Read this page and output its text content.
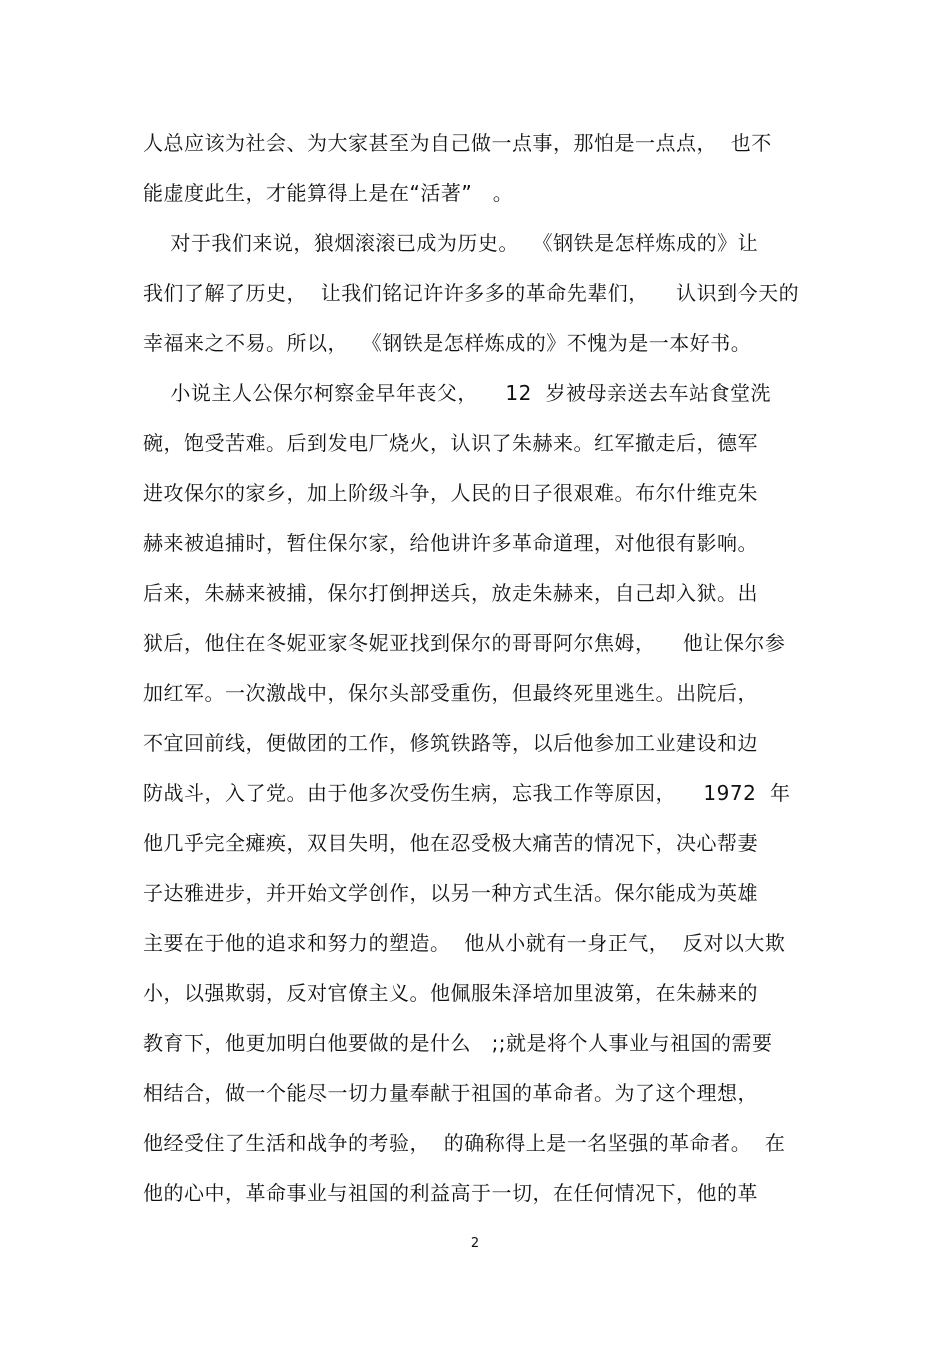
人总应该为社会、为大家甚至为自己做一点事，那怕是一点点，  也不
能虚度此生，才能算得上是在“活著”   。
对于我们来说，狼烟滚滚已成为历史。  《钢铁是怎样炼成的》让
我们了解了历史，  让我们铭记许许多多的革命先辈们，    认识到今天的
幸福来之不易。所以，  《钢铁是怎样炼成的》不愧为是一本好书。
小说主人公保尔柯察金早年丧父，    12  岁被母亲送去车站食堂洗
碗，饱受苦难。后到发电厂烧火，认识了朱赫来。红军撤走后，德军
进攻保尔的家乡，加上阶级斗争，人民的日子很艰难。布尔什维克朱
赫来被追捕时，暂住保尔家，给他讲许多革命道理，对他很有影响。
后来，朱赫来被捕，保尔打倒押送兵，放走朱赫来，自己却入狱。出
狱后，他住在冬妮亚家冬妮亚找到保尔的哥哥阿尔焦姆，    他让保尔参
加红军。一次激战中，保尔头部受重伤，但最终死里逃生。出院后，
不宜回前线，便做团的工作，修筑铁路等，以后他参加工业建设和边
防战斗，入了党。由于他多次受伤生病，忘我工作等原因，    1972  年
他几乎完全瘫痪，双目失明，他在忍受极大痛苦的情况下，决心帮妻
子达雅进步，并开始文学创作，以另一种方式生活。保尔能成为英雄
主要在于他的追求和努力的塑造。  他从小就有一身正气，  反对以大欺
小，以强欺弱，反对官僚主义。他佩服朱泽培加里波第，在朱赫来的
教育下，他更加明白他要做的是什么   ;;就是将个人事业与祖国的需要
相结合，做一个能尽一切力量奉献于祖国的革命者。为了这个理想，
他经受住了生活和战争的考验，  的确称得上是一名坚强的革命者。  在
他的心中，革命事业与祖国的利益高于一切，在任何情况下，他的革
2
